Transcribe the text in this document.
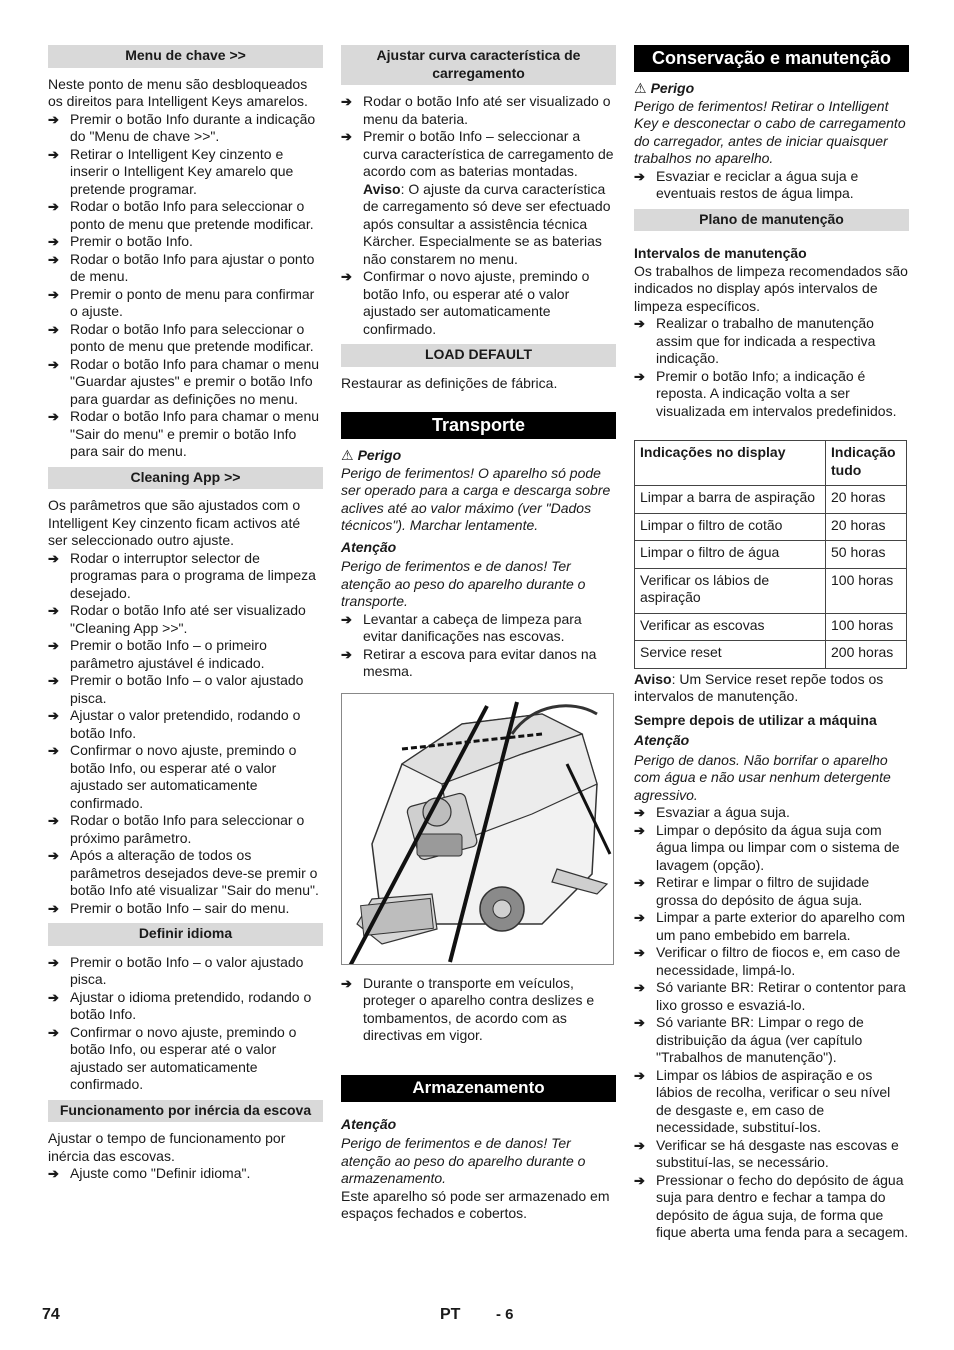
Menu de chave >>

Neste ponto de menu são desbloqueados os direitos para Intelligent Keys amarelos.

➔ Premir o botão Info durante a indicação do "Menu de chave >>".
➔ Retirar o Intelligent Key cinzento e inserir o Intelligent Key amarelo que pretende programar.
➔ Rodar o botão Info para seleccionar o ponto de menu que pretende modificar.
➔ Premir o botão Info.
➔ Rodar o botão Info para ajustar o ponto de menu.
➔ Premir o ponto de menu para confirmar o ajuste.
➔ Rodar o botão Info para seleccionar o ponto de menu que pretende modificar.
➔ Rodar o botão Info para chamar o menu "Guardar ajustes" e premir o botão Info para guardar as definições no menu.
➔ Rodar o botão Info para chamar o menu "Sair do menu" e premir o botão Info para sair do menu.
Cleaning App >>

Os parâmetros que são ajustados com o Intelligent Key cinzento ficam activos até ser seleccionado outro ajuste.

➔ Rodar o interruptor selector de programas para o programa de limpeza desejado.
➔ Rodar o botão Info até ser visualizado "Cleaning App >>".
➔ Premir o botão Info – o primeiro parâmetro ajustável é indicado.
➔ Premir o botão Info – o valor ajustado pisca.
➔ Ajustar o valor pretendido, rodando o botão Info.
➔ Confirmar o novo ajuste, premindo o botão Info, ou esperar até o valor ajustado ser automaticamente confirmado.
➔ Rodar o botão Info para seleccionar o próximo parâmetro.
➔ Após a alteração de todos os parâmetros desejados deve-se premir o botão Info até visualizar "Sair do menu".
➔ Premir o botão Info – sair do menu.
Definir idioma
➔ Premir o botão Info – o valor ajustado pisca.
➔ Ajustar o idioma pretendido, rodando o botão Info.
➔ Confirmar o novo ajuste, premindo o botão Info, ou esperar até o valor ajustado ser automaticamente confirmado.
Funcionamento por inércia da escova

Ajustar o tempo de funcionamento por inércia das escovas.

➔ Ajuste como "Definir idioma".
Ajustar curva característica de carregamento
➔ Rodar o botão Info até ser visualizado o menu da bateria.
➔ Premir o botão Info – seleccionar a curva característica de carregamento de acordo com as baterias montadas.

Aviso: O ajuste da curva característica de carregamento só deve ser efectuado após consultar a assistência técnica Kärcher. Especialmente se as baterias não constarem no menu.

➔ Confirmar o novo ajuste, premindo o botão Info, ou esperar até o valor ajustado ser automaticamente confirmado.
LOAD DEFAULT

Restaurar as definições de fábrica.

Transporte

⚠ Perigo

Perigo de ferimentos! O aparelho só pode ser operado para a carga e descarga sobre aclives até ao valor máximo (ver "Dados técnicos"). Marchar lentamente.

Atenção

Perigo de ferimentos e de danos! Ter atenção ao peso do aparelho durante o transporte.

➔ Levantar a cabeça de limpeza para evitar danificações nas escovas.
➔ Retirar a escova para evitar danos na mesma.
➔ Durante o transporte em veículos, proteger o aparelho contra deslizes e tombamentos, de acordo com as directivas em vigor.
Armazenamento

Atenção

Perigo de ferimentos e de danos! Ter atenção ao peso do aparelho durante o armazenamento.

Este aparelho só pode ser armazenado em espaços fechados e cobertos.

Conservação e manutenção

⚠ Perigo

Perigo de ferimentos! Retirar o Intelligent Key e desconectar o cabo de carregamento do carregador, antes de iniciar quaisquer trabalhos no aparelho.

➔ Esvaziar e reciclar a água suja e eventuais restos de água limpa.
Plano de manutenção

Intervalos de manutenção

Os trabalhos de limpeza recomendados são indicados no display após intervalos de limpeza específicos.

➔ Realizar o trabalho de manutenção assim que for indicada a respectiva indicação.
➔ Premir o botão Info; a indicação é reposta. A indicação volta a ser visualizada em intervalos predefinidos.
Indicações no display	Indicação tudo
Limpar a barra de aspiração	20 horas
Limpar o filtro de cotão	20 horas
Limpar o filtro de água	50 horas
Verificar os lábios de aspiração	100 horas
Verificar as escovas	100 horas
Service reset	200 horas

Aviso: Um Service reset repõe todos os intervalos de manutenção.

Sempre depois de utilizar a máquina

Atenção

Perigo de danos. Não borrifar o aparelho com água e não usar nenhum detergente agressivo.

➔ Esvaziar a água suja.
➔ Limpar o depósito da água suja com água limpa ou limpar com o sistema de lavagem (opção).
➔ Retirar e limpar o filtro de sujidade grossa do depósito de água suja.
➔ Limpar a parte exterior do aparelho com um pano embebido em barrela.
➔ Verificar o filtro de fiocos e, em caso de necessidade, limpá-lo.
➔ Só variante BR: Retirar o contentor para lixo grosso e esvaziá-lo.
➔ Só variante BR: Limpar o rego de distribuição da água (ver capítulo "Trabalhos de manutenção").
➔ Limpar os lábios de aspiração e os lábios de recolha, verificar o seu nível de desgaste e, em caso de necessidade, substituí-los.
➔ Verificar se há desgaste nas escovas e substituí-las, se necessário.
➔ Pressionar o fecho do depósito de água suja para dentro e fechar a tampa do depósito de água suja, de forma que fique aberta uma fenda para a secagem.
74	PT - 6
